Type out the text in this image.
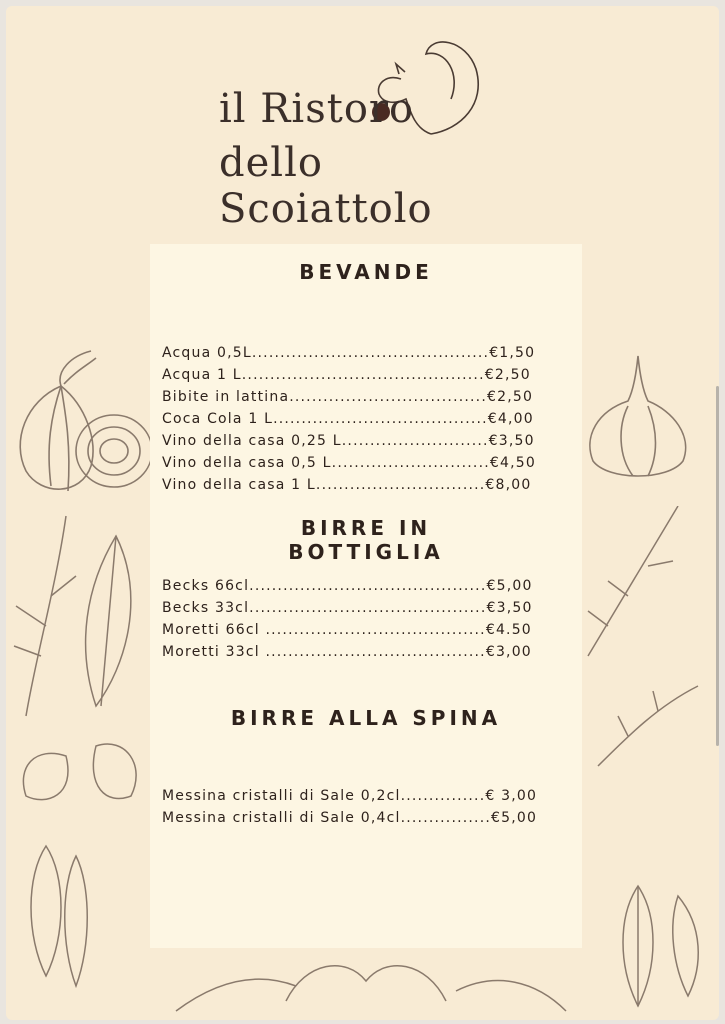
il Ristoro
dello Scoiattolo
BEVANDE
Acqua 0,5L..........................................€1,50
Acqua 1 L...........................................€2,50
Bibite in lattina...................................€2,50
Coca Cola 1 L......................................€4,00
Vino della casa 0,25 L..........................€3,50
Vino della casa 0,5 L............................€4,50
Vino della casa 1 L..............................€8,00
BIRRE IN
BOTTIGLIA
Becks 66cl..........................................€5,00
Becks 33cl..........................................€3,50
Moretti 66cl .......................................€4.50
Moretti 33cl .......................................€3,00
BIRRE ALLA SPINA
Messina cristalli di Sale 0,2cl...............€ 3,00
Messina cristalli di Sale 0,4cl................€5,00
